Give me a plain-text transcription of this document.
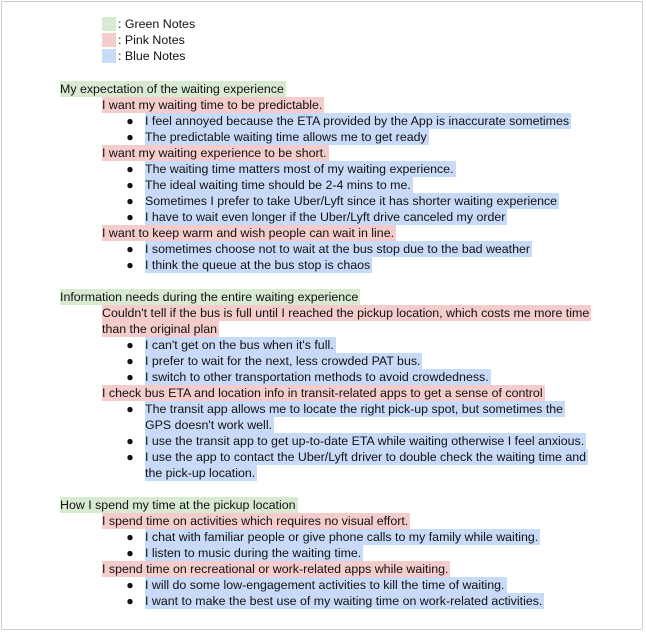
: Green Notes
: Pink Notes
: Blue Notes
My expectation of the waiting experience
I want my waiting time to be predictable.
● I feel annoyed because the ETA provided by the App is inaccurate sometimes
● The predictable waiting time allows me to get ready
I want my waiting experience to be short.
● The waiting time matters most of my waiting experience.
● The ideal waiting time should be 2-4 mins to me.
● Sometimes I prefer to take Uber/Lyft since it has shorter waiting experience
● I have to wait even longer if the Uber/Lyft drive canceled my order
I want to keep warm and wish people can wait in line.
● I sometimes choose not to wait at the bus stop due to the bad weather
● I think the queue at the bus stop is chaos
Information needs during the entire waiting experience
Couldn't tell if the bus is full until I reached the pickup location, which costs me more time than the original plan
● I can't get on the bus when it's full.
● I prefer to wait for the next, less crowded PAT bus.
● I switch to other transportation methods to avoid crowdedness.
I check bus ETA and location info in transit-related apps to get a sense of control
● The transit app allows me to locate the right pick-up spot, but sometimes the GPS doesn't work well.
● I use the transit app to get up-to-date ETA while waiting otherwise I feel anxious.
● I use the app to contact the Uber/Lyft driver to double check the waiting time and the pick-up location.
How I spend my time at the pickup location
I spend time on activities which requires no visual effort.
● I chat with familiar people or give phone calls to my family while waiting.
● I listen to music during the waiting time.
I spend time on recreational or work-related apps while waiting.
● I will do some low-engagement activities to kill the time of waiting.
● I want to make the best use of my waiting time on work-related activities.
